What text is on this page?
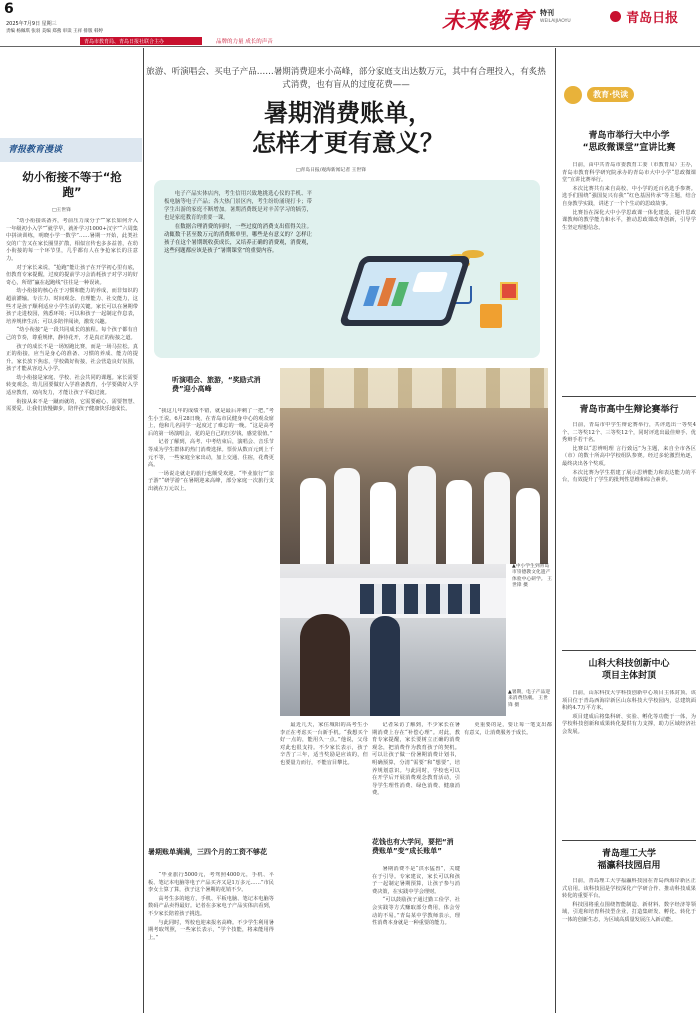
6
2025年7月9日 星期三
责编 杨佩琪 张羽 美编 郑燕 审读 王祥 排版 韩婷
青岛市教育局、青岛日报社联合主办	品牌的力量 成长的声音
未来教育 特刊
WEILAIJIAOYU	青岛日报
青报教育漫谈
幼小衔接不等于“抢跑”
□王世锋

“幼小衔接该备齐，考前压力成分子”“家长如何介入一年级初小入学”“就学早，就补学习1000+汉字”“六周集中拼读训练，明晓小学一数学”……暑期一开始，此类社交的广告又在家长圈里扩散，相似宣传也多多益善，在幼小衔接的每一个环节里，几乎都有人在争抢家长的注意力。

对于家长来说，“抢跑”能让孩子在开学初心里有底，但教育专家提醒，过度的提前学习会消耗孩子对学习的好奇心，所谓“赢在起跑线”往往是一种误读。

幼小衔接的核心在于习惯和能力的养成，而非知识的超前灌输。专注力、时间观念、自理能力、社交能力，这些才是孩子顺利适应小学生活的关键。家长可以在暑期带孩子走进校园，熟悉环境；可以和孩子一起制定作息表，培养规律生活；可以多陪伴阅读，激发兴趣。

“幼小衔接”是一段共同成长的旅程。每个孩子都有自己的节奏，尊重规律，静待花开，才是真正的衔接之道。

孩子的成长不是一场短跑比赛，而是一场马拉松。真正的衔接，应当是身心的准备、习惯的养成、能力的提升。家长放下焦虑，学校做好衔接，社会营造良好氛围，孩子才能从容迈入小学。

幼小衔接是家庭、学校、社会共同的课题。家长需要转变观念，幼儿园要做好入学准备教育，小学要做好入学适应教育，双向发力，才能让孩子平稳过渡。

衔接从来不是一蹴而就的，它需要耐心、需要智慧、需要爱。让我们放慢脚步，陪伴孩子健康快乐地成长。

旅游、听演唱会、买电子产品……暑期消费迎来小高峰，部分家庭支出达数万元，其中有合理投入，有炙热式消费，也有盲从的过度花费——
暑期消费账单，
怎样才更有意义？
□青岛日报/观海新闻记者 王世锋

电子产品实体店内，考生信用兴致地挑选心仪的手机、平板电脑等电子产品；各大热门景区内，考生纷纷涌现打卡；带学生出游的家庭不断增加。暑期消费既是对辛苦学习的犒劳，也是家庭教育的重要一课。

在数据合理消费的同时，一些过度的消费支出值得关注。动辄数千甚至数万元的消费账单里，哪些是有意义的？怎样让孩子在这个暑期既收获成长，又培养正确的消费观，消费观，这些问题都应该是孩子“暑期课堂”的重要内容。

▲中小学生到青岛市崇德教文化遗产体验中心研学。 王世锋 摄
▲暑期，电子产品迎来消费热潮。 王世锋 摄
听演唱会、旅游，“奖励式消费”迎小高峰

“我这几年的成绩不错，就是最后冲刺了一把，”考生小王说。6月28日晚，在青岛市民健身中心的观众席上，他和几名同学一起度过了难忘的一晚。“这是高考后的第一场演唱会，花的是自己的压岁钱，感觉很值。”

记者了解到，高考、中考结束后，演唱会、音乐节等成为学生群体的热门消费选择。票价从数百元到上千元不等，一些家庭全家出动，加上交通、住宿，花费更高。

一场说走就走的旅行也颇受欢迎。“毕业旅行”“亲子游”“研学游”在暑期迎来高峰，部分家庭一次旅行支出就在万元以上。

暑期账单满满，三四个月的工资不够花

“毕业旅行5000元，考驾照4000元，手机、平板、笔记本电脑等电子产品买齐又是1万多元……”市民李女士算了算，孩子这个暑期的花销不少。

高考生多的地方，手机、平板电脑、笔记本电脑等数码产品卖得最好。记者在多家电子产品实体店看到，不少家长陪着孩子挑选。

与此同时，驾校也迎来报名高峰。不少学生利用暑期考取驾照，一些家长表示，“学个技能，将来能用得上。”

最近几天，家住城阳的高考生小李正在考虑买一台新手机。“我想买个好一点的，能用久一点。”他说，父母对此也很支持。不少家长表示，孩子辛苦了三年，适当奖励是应该的，但也要量力而行，不能盲目攀比。

记者采访了解到，不少家长在暑期消费上存在“补偿心理”。对此，教育专家提醒，家长要树立正确的消费观念，把消费作为教育孩子的契机。可以让孩子做一份暑期消费计划书，明确预算，分清“需要”和“想要”，培养规划意识。与此同时，学校也可以在开学后开展消费观念教育活动，引导学生理性消费、绿色消费、健康消费。

花钱也有大学问，要把“消费账单”变“成长账单”

暑期消费不是“洪水猛兽”，关键在于引导。专家建议，家长可以和孩子一起制定暑期预算，让孩子参与消费决策，在实践中学会理财。

“可以鼓励孩子通过勤工俭学、社会实践等方式赚取部分费用，体会劳动的不易。”青岛某中学教师表示，理性消费本身就是一种重要的能力。

更重要的是，要让每一笔支出都有意义，让消费服务于成长。

教育·快读
青岛市举行大中小学
“思政微课堂”宣讲比赛

日前，由中共青岛市委教育工委（市教育局）主办，青岛市教育科学研究院承办的青岛市大中小学“思政微课堂”宣讲比赛举行。

本次比赛共有来自高校、中小学的近百名选手参赛。选手们围绕“强国复兴有我”“红色基因传承”等主题，结合自身教学实践，讲述了一个个生动的思政故事。

比赛旨在深化大中小学思政课一体化建设，提升思政课教师的教学能力和水平，推动思政课改革创新，引导学生坚定理想信念。

青岛市高中生辩论赛举行

日前，青岛市中学生辩论赛举行，共评选出一等奖4个、二等奖12个、三等奖12个，同时评选出最佳辩手、优秀辩手若干名。

比赛以“思辨明理 言行致远”为主题，来自全市各区（市）的数十所高中学校组队参赛。经过多轮激烈角逐，最终决出各个奖项。

本次比赛为学生搭建了展示思辨能力和表达能力的平台，有效提升了学生的批判性思维和综合素养。

山科大科技创新中心
项目主体封顶

日前，山东科技大学科技创新中心项目主体封顶。该项目位于青岛西海岸新区山东科技大学校园内，总建筑面积约4.7万平方米。

项目建成后将集科研、实验、孵化等功能于一体，为学校科技创新和成果转化提供有力支撑，助力区域经济社会发展。

青岛理工大学
福瀛科技园启用

日前，青岛理工大学福瀛科技园在青岛西海岸新区正式启用。该科技园是学校深化产学研合作、推动科技成果转化的重要平台。

科技园将重点围绕智能制造、新材料、数字经济等领域，引进和培育科技型企业，打造集研发、孵化、转化于一体的创新生态，为区域高质量发展注入新动能。
